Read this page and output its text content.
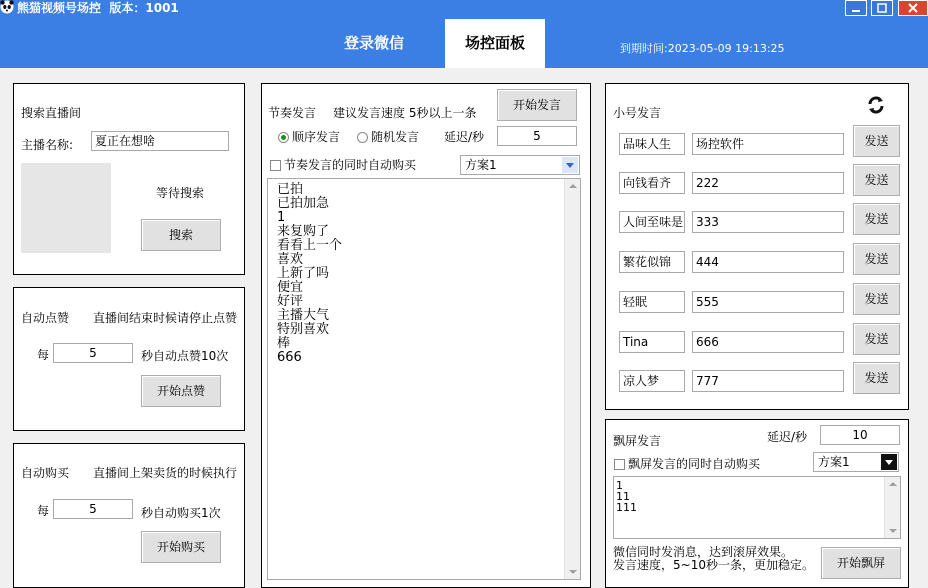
熊猫视频号场控 版本：1001
登录微信	场控面板	到期时间:2023-05-09 19:13:25
搜索直播间
主播名称:	夏正在想啥
等待搜索
搜索
自动点赞 直播间结束时候请停止点赞
每	5	秒自动点赞10次
开始点赞
自动购买 直播间上架卖货的时候执行
每	5	秒自动购买1次
开始购买
节奏发言 建议发言速度 5秒以上一条
开始发言
顺序发言	随机发言 延迟/秒	5
节奏发言的同时自动购买	方案1
已拍
已拍加急
1
来复购了
看看上一个
喜欢
上新了吗
便宜
好评
主播大气
特别喜欢
棒
666
小号发言
品味人生	场控软件	发送
向钱看齐	222	发送
人间至味是	333	发送
繁花似锦	444	发送
轻眠	555	发送
Tina	666	发送
凉人梦	777	发送
飘屏发言	延迟/秒	10
飘屏发言的同时自动购买	方案1
1
11
111
微信同时发消息，达到滚屏效果。
发言速度，5~10秒一条，更加稳定。	开始飘屏
